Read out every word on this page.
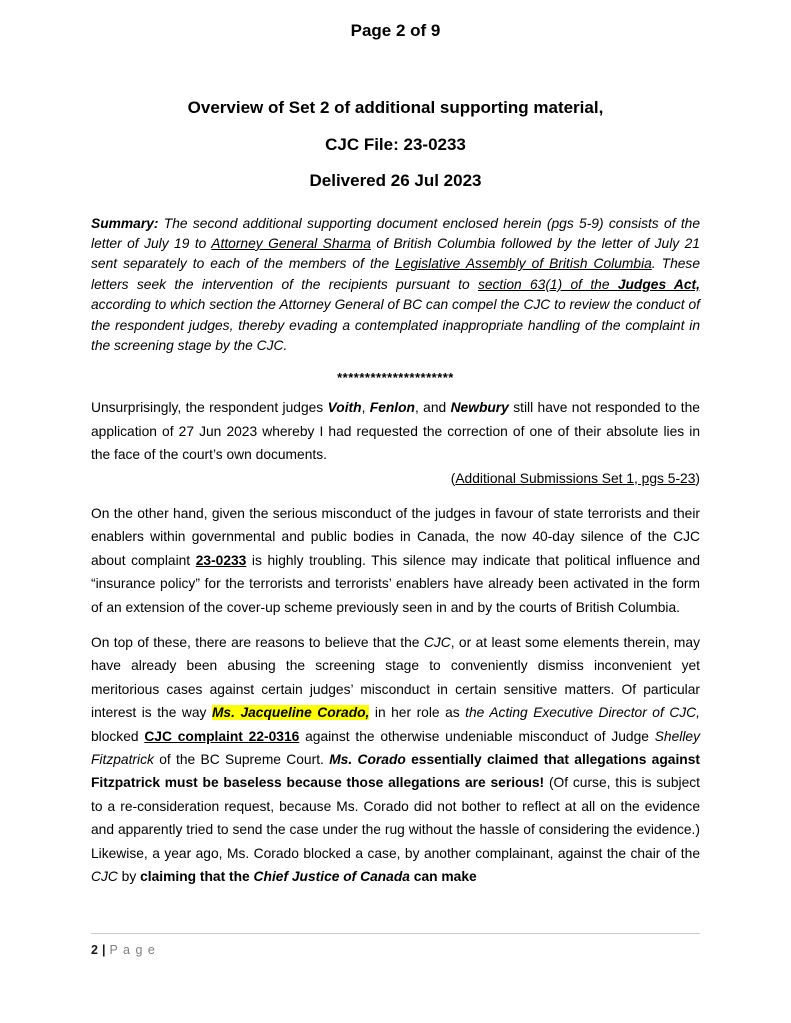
Page 2 of 9
Overview of Set 2 of additional supporting material,
CJC File: 23-0233
Delivered 26 Jul 2023

Summary: The second additional supporting document enclosed herein (pgs 5-9) consists of the letter of July 19 to Attorney General Sharma of British Columbia followed by the letter of July 21 sent separately to each of the members of the Legislative Assembly of British Columbia. These letters seek the intervention of the recipients pursuant to section 63(1) of the Judges Act, according to which section the Attorney General of BC can compel the CJC to review the conduct of the respondent judges, thereby evading a contemplated inappropriate handling of the complaint in the screening stage by the CJC.

*********************

Unsurprisingly, the respondent judges Voith, Fenlon, and Newbury still have not responded to the application of 27 Jun 2023 whereby I had requested the correction of one of their absolute lies in the face of the court’s own documents.

(Additional Submissions Set 1, pgs 5-23)

On the other hand, given the serious misconduct of the judges in favour of state terrorists and their enablers within governmental and public bodies in Canada, the now 40-day silence of the CJC about complaint 23-0233 is highly troubling. This silence may indicate that political influence and “insurance policy” for the terrorists and terrorists’ enablers have already been activated in the form of an extension of the cover-up scheme previously seen in and by the courts of British Columbia.

On top of these, there are reasons to believe that the CJC, or at least some elements therein, may have already been abusing the screening stage to conveniently dismiss inconvenient yet meritorious cases against certain judges’ misconduct in certain sensitive matters. Of particular interest is the way Ms. Jacqueline Corado, in her role as the Acting Executive Director of CJC, blocked CJC complaint 22-0316 against the otherwise undeniable misconduct of Judge Shelley Fitzpatrick of the BC Supreme Court. Ms. Corado essentially claimed that allegations against Fitzpatrick must be baseless because those allegations are serious! (Of curse, this is subject to a re-consideration request, because Ms. Corado did not bother to reflect at all on the evidence and apparently tried to send the case under the rug without the hassle of considering the evidence.) Likewise, a year ago, Ms. Corado blocked a case, by another complainant, against the chair of the CJC by claiming that the Chief Justice of Canada can make

2 | P a g e
